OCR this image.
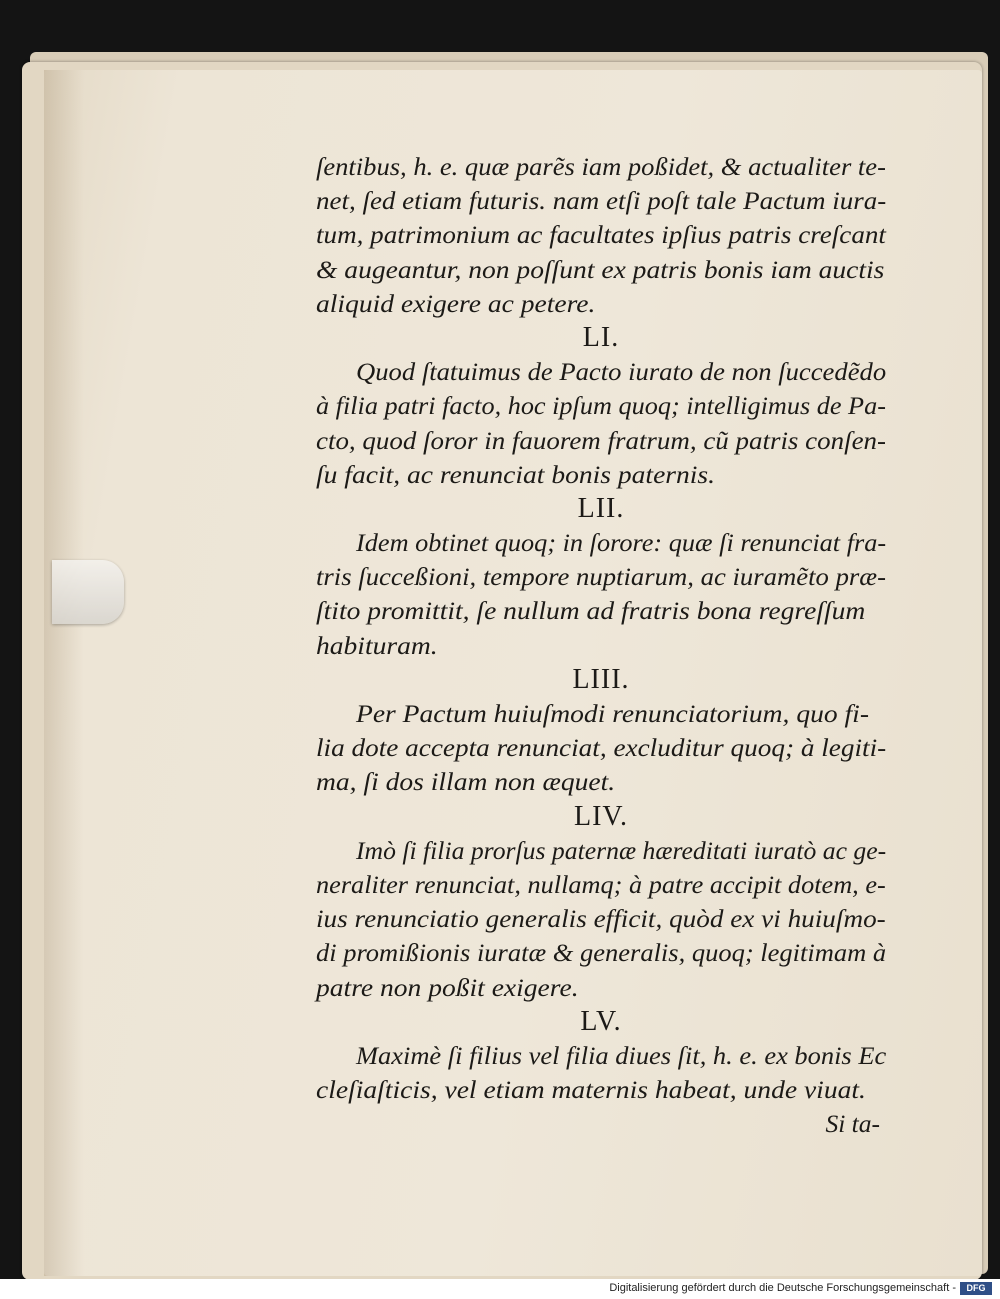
ſentibus, h. e. quæ parẽs iam poßidet, & actualiter te-
net, ſed etiam futuris. nam etſi poſt tale Pactum iura-
tum, patrimonium ac facultates ipſius patris creſcant
& augeantur, non poſſunt ex patris bonis iam auctis
aliquid exigere ac petere.
LI.
Quod ſtatuimus de Pacto iurato de non ſuccedẽdo
à filia patri facto, hoc ipſum quoq; intelligimus de Pa-
cto, quod ſoror in fauorem fratrum, cũ patris conſen-
ſu facit, ac renunciat bonis paternis.
LII.
Idem obtinet quoq; in ſorore: quæ ſi renunciat fra-
tris ſucceßioni, tempore nuptiarum, ac iuramẽto præ-
ſtito promittit, ſe nullum ad fratris bona regreſſum
habituram.
LIII.
Per Pactum huiuſmodi renunciatorium, quo fi-
lia dote accepta renunciat, excluditur quoq; à legiti-
ma, ſi dos illam non æquet.
LIV.
Imò ſi filia prorſus paternæ hæreditati iuratò ac ge-
neraliter renunciat, nullamq; à patre accipit dotem, e-
ius renunciatio generalis efficit, quòd ex vi huiuſmo-
di promißionis iuratæ & generalis, quoq; legitimam à
patre non poßit exigere.
LV.
Maximè ſi filius vel filia diues ſit, h. e. ex bonis Ec
cleſiaſticis, vel etiam maternis habeat, unde viuat.
Si ta-
Digitalisierung gefördert durch die Deutsche Forschungsgemeinschaft -	DFG
